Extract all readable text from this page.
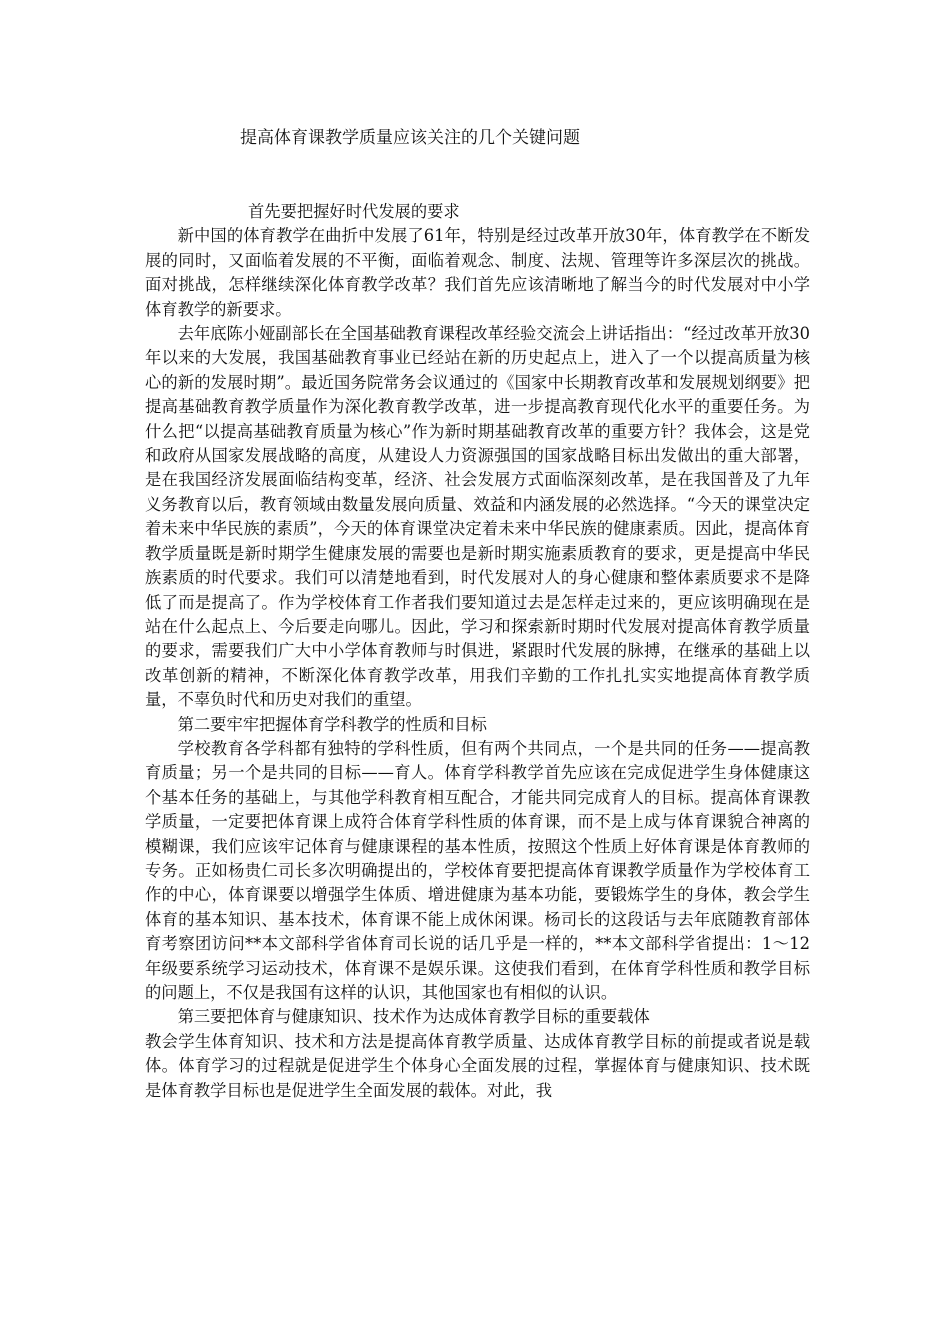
提高体育课教学质量应该关注的几个关键问题

首先要把握好时代发展的要求

新中国的体育教学在曲折中发展了61年，特别是经过改革开放30年，体育教学在不断发展的同时，又面临着发展的不平衡，面临着观念、制度、法规、管理等许多深层次的挑战。面对挑战，怎样继续深化体育教学改革？我们首先应该清晰地了解当今的时代发展对中小学体育教学的新要求。

去年底陈小娅副部长在全国基础教育课程改革经验交流会上讲话指出：“经过改革开放30年以来的大发展，我国基础教育事业已经站在新的历史起点上，进入了一个以提高质量为核心的新的发展时期”。最近国务院常务会议通过的《国家中长期教育改革和发展规划纲要》把提高基础教育教学质量作为深化教育教学改革，进一步提高教育现代化水平的重要任务。为什么把“以提高基础教育质量为核心”作为新时期基础教育改革的重要方针？我体会，这是党和政府从国家发展战略的高度，从建设人力资源强国的国家战略目标出发做出的重大部署，是在我国经济发展面临结构变革，经济、社会发展方式面临深刻改革，是在我国普及了九年义务教育以后，教育领域由数量发展向质量、效益和内涵发展的必然选择。“今天的课堂决定着未来中华民族的素质”，今天的体育课堂决定着未来中华民族的健康素质。因此，提高体育教学质量既是新时期学生健康发展的需要也是新时期实施素质教育的要求，更是提高中华民族素质的时代要求。我们可以清楚地看到，时代发展对人的身心健康和整体素质要求不是降低了而是提高了。作为学校体育工作者我们要知道过去是怎样走过来的，更应该明确现在是站在什么起点上、今后要走向哪儿。因此，学习和探索新时期时代发展对提高体育教学质量的要求，需要我们广大中小学体育教师与时俱进，紧跟时代发展的脉搏，在继承的基础上以改革创新的精神，不断深化体育教学改革，用我们辛勤的工作扎扎实实地提高体育教学质量，不辜负时代和历史对我们的重望。

第二要牢牢把握体育学科教学的性质和目标

学校教育各学科都有独特的学科性质，但有两个共同点，一个是共同的任务——提高教育质量；另一个是共同的目标——育人。体育学科教学首先应该在完成促进学生身体健康这个基本任务的基础上，与其他学科教育相互配合，才能共同完成育人的目标。提高体育课教学质量，一定要把体育课上成符合体育学科性质的体育课，而不是上成与体育课貌合神离的模糊课，我们应该牢记体育与健康课程的基本性质，按照这个性质上好体育课是体育教师的专务。正如杨贵仁司长多次明确提出的，学校体育要把提高体育课教学质量作为学校体育工作的中心，体育课要以增强学生体质、增进健康为基本功能，要锻炼学生的身体，教会学生体育的基本知识、基本技术，体育课不能上成休闲课。杨司长的这段话与去年底随教育部体育考察团访问**本文部科学省体育司长说的话几乎是一样的，**本文部科学省提出：1～12年级要系统学习运动技术，体育课不是娱乐课。这使我们看到，在体育学科性质和教学目标的问题上，不仅是我国有这样的认识，其他国家也有相似的认识。

第三要把体育与健康知识、技术作为达成体育教学目标的重要载体

教会学生体育知识、技术和方法是提高体育教学质量、达成体育教学目标的前提或者说是载体。体育学习的过程就是促进学生个体身心全面发展的过程，掌握体育与健康知识、技术既是体育教学目标也是促进学生全面发展的载体。对此，我
